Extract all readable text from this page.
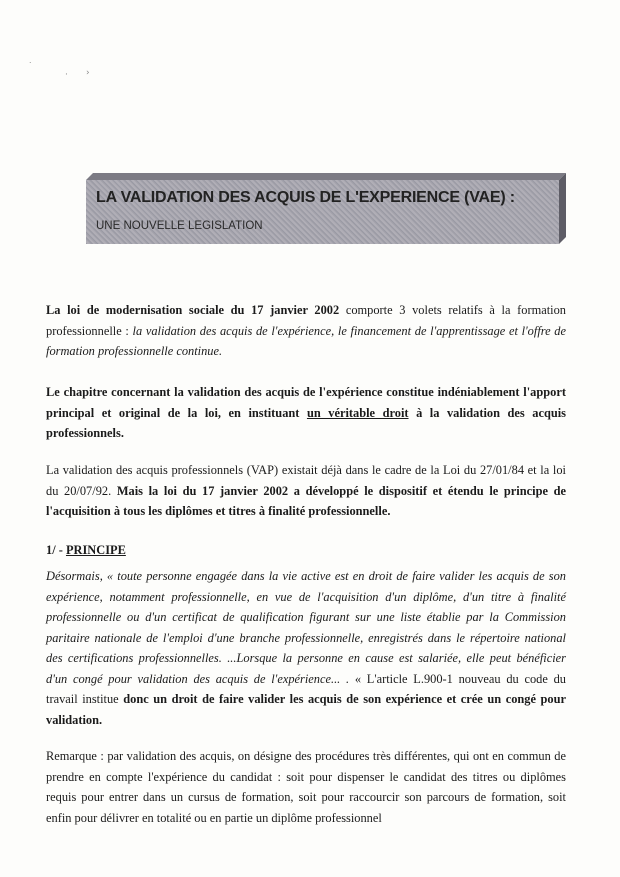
˙
· ›
LA VALIDATION DES ACQUIS DE L'EXPERIENCE (VAE) :
UNE NOUVELLE LEGISLATION
La loi de modernisation sociale du 17 janvier 2002 comporte 3 volets relatifs à la formation
professionnelle : la validation des acquis de l'expérience, le financement de l'apprentissage et l'offre de
formation professionnelle continue.
Le chapitre concernant la validation des acquis de l'expérience constitue indéniablement l'apport
principal et original de la loi, en instituant un véritable droit à la validation des acquis
professionnels.
La validation des acquis professionnels (VAP) existait déjà dans le cadre de la Loi du 27/01/84 et la loi
du 20/07/92. Mais la loi du 17 janvier 2002 a développé le dispositif et étendu le principe de
l'acquisition à tous les diplômes et titres à finalité professionnelle.
1/ - PRINCIPE
Désormais, « toute personne engagée dans la vie active est en droit de faire valider les acquis de son
expérience, notamment professionnelle, en vue de l'acquisition d'un diplôme, d'un titre à finalité
professionnelle ou d'un certificat de qualification figurant sur une liste établie par la Commission
paritaire nationale de l'emploi d'une branche professionnelle, enregistrés dans le répertoire national
des certifications professionnelles. ...Lorsque la personne en cause est salariée, elle peut bénéficier
d'un congé pour validation des acquis de l'expérience... . « L'article L.900-1 nouveau du code du
travail institue donc un droit de faire valider les acquis de son expérience et crée un congé pour
validation.
Remarque : par validation des acquis, on désigne des procédures très différentes, qui ont en commun de
prendre en compte l'expérience du candidat : soit pour dispenser le candidat des titres ou diplômes
requis pour entrer dans un cursus de formation, soit pour raccourcir son parcours de formation, soit
enfin pour délivrer en totalité ou en partie un diplôme professionnel
